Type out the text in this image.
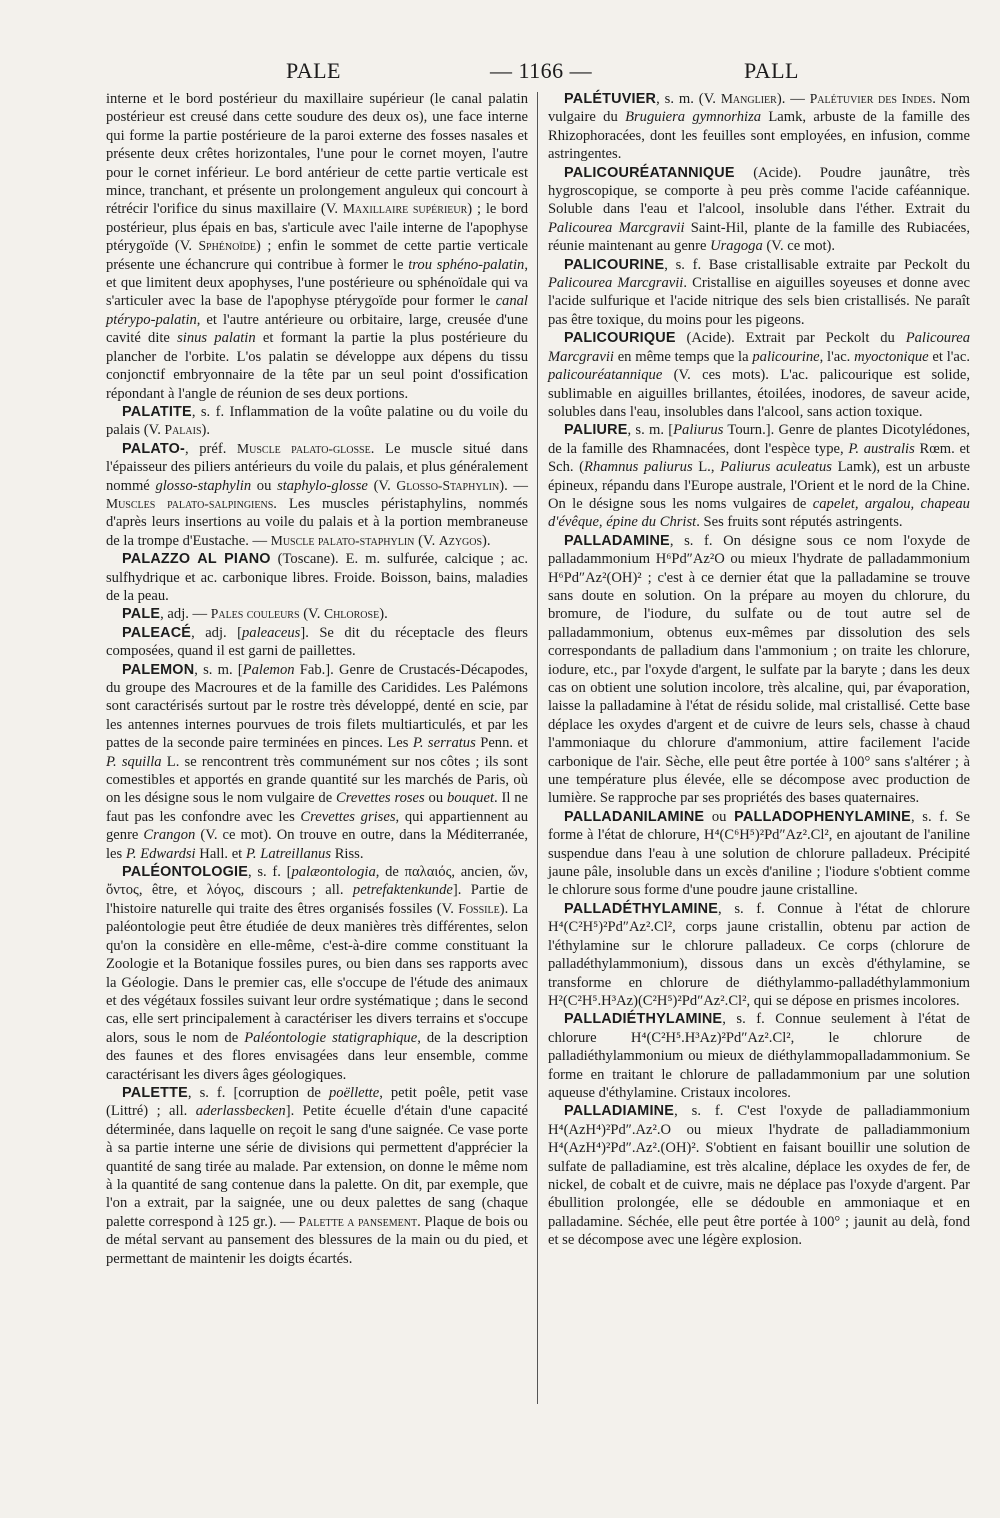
PALE	— 1166 —	PALL

interne et le bord postérieur du maxillaire supérieur (le canal palatin postérieur est creusé dans cette soudure des deux os), une face interne qui forme la partie postérieure de la paroi externe des fosses nasales et présente deux crêtes horizontales, l'une pour le cornet moyen, l'autre pour le cornet inférieur. Le bord antérieur de cette partie verticale est mince, tranchant, et présente un prolongement anguleux qui concourt à rétrécir l'orifice du sinus maxillaire (V. Maxillaire supérieur) ; le bord postérieur, plus épais en bas, s'articule avec l'aile interne de l'apophyse ptérygoïde (V. Sphénoïde) ; enfin le sommet de cette partie verticale présente une échancrure qui contribue à former le trou sphéno-palatin, et que limitent deux apophyses, l'une postérieure ou sphénoïdale qui va s'articuler avec la base de l'apophyse ptérygoïde pour former le canal ptérypo-palatin, et l'autre antérieure ou orbitaire, large, creusée d'une cavité dite sinus palatin et formant la partie la plus postérieure du plancher de l'orbite. L'os palatin se développe aux dépens du tissu conjonctif embryonnaire de la tête par un seul point d'ossification répondant à l'angle de réunion de ses deux portions.

PALATITE, s. f. Inflammation de la voûte palatine ou du voile du palais (V. Palais).

PALATO-, préf. Muscle palato-glosse. Le muscle situé dans l'épaisseur des piliers antérieurs du voile du palais, et plus généralement nommé glosso-staphylin ou staphylo-glosse (V. Glosso-Staphylin). — Muscles palato-salpingiens. Les muscles péristaphylins, nommés d'après leurs insertions au voile du palais et à la portion membraneuse de la trompe d'Eustache. — Muscle palato-staphylin (V. Azygos).

PALAZZO AL PIANO (Toscane). E. m. sulfurée, calcique ; ac. sulfhydrique et ac. carbonique libres. Froide. Boisson, bains, maladies de la peau.

PALE, adj. — Pales couleurs (V. Chlorose).

PALEACÉ, adj. [paleaceus]. Se dit du réceptacle des fleurs composées, quand il est garni de paillettes.

PALEMON, s. m. [Palemon Fab.]. Genre de Crustacés-Décapodes, du groupe des Macroures et de la famille des Caridides. Les Palémons sont caractérisés surtout par le rostre très développé, denté en scie, par les antennes internes pourvues de trois filets multiarticulés, et par les pattes de la seconde paire terminées en pinces. Les P. serratus Penn. et P. squilla L. se rencontrent très communément sur nos côtes ; ils sont comestibles et apportés en grande quantité sur les marchés de Paris, où on les désigne sous le nom vulgaire de Crevettes roses ou bouquet. Il ne faut pas les confondre avec les Crevettes grises, qui appartiennent au genre Crangon (V. ce mot). On trouve en outre, dans la Méditerranée, les P. Edwardsi Hall. et P. Latreillanus Riss.

PALÉONTOLOGIE, s. f. [palæontologia, de παλαιός, ancien, ὤν, ὄντος, être, et λόγος, discours ; all. petrefaktenkunde]. Partie de l'histoire naturelle qui traite des êtres organisés fossiles (V. Fossile). La paléontologie peut être étudiée de deux manières très différentes, selon qu'on la considère en elle-même, c'est-à-dire comme constituant la Zoologie et la Botanique fossiles pures, ou bien dans ses rapports avec la Géologie. Dans le premier cas, elle s'occupe de l'étude des animaux et des végétaux fossiles suivant leur ordre systématique ; dans le second cas, elle sert principalement à caractériser les divers terrains et s'occupe alors, sous le nom de Paléontologie statigraphique, de la description des faunes et des flores envisagées dans leur ensemble, comme caractérisant les divers âges géologiques.

PALETTE, s. f. [corruption de poëllette, petit poêle, petit vase (Littré) ; all. aderlassbecken]. Petite écuelle d'étain d'une capacité déterminée, dans laquelle on reçoit le sang d'une saignée. Ce vase porte à sa partie interne une série de divisions qui permettent d'apprécier la quantité de sang tirée au malade. Par extension, on donne le même nom à la quantité de sang contenue dans la palette. On dit, par exemple, que l'on a extrait, par la saignée, une ou deux palettes de sang (chaque palette correspond à 125 gr.). — Palette a pansement. Plaque de bois ou de métal servant au pansement des blessures de la main ou du pied, et permettant de maintenir les doigts écartés.

PALÉTUVIER, s. m. (V. Manglier). — Palétuvier des Indes. Nom vulgaire du Bruguiera gymnorhiza Lamk, arbuste de la famille des Rhizophoracées, dont les feuilles sont employées, en infusion, comme astringentes.

PALICOURÉATANNIQUE (Acide). Poudre jaunâtre, très hygroscopique, se comporte à peu près comme l'acide caféannique. Soluble dans l'eau et l'alcool, insoluble dans l'éther. Extrait du Palicourea Marcgravii Saint-Hil, plante de la famille des Rubiacées, réunie maintenant au genre Uragoga (V. ce mot).

PALICOURINE, s. f. Base cristallisable extraite par Peckolt du Palicourea Marcgravii. Cristallise en aiguilles soyeuses et donne avec l'acide sulfurique et l'acide nitrique des sels bien cristallisés. Ne paraît pas être toxique, du moins pour les pigeons.

PALICOURIQUE (Acide). Extrait par Peckolt du Palicourea Marcgravii en même temps que la palicourine, l'ac. myoctonique et l'ac. palicouréatannique (V. ces mots). L'ac. palicourique est solide, sublimable en aiguilles brillantes, étoilées, inodores, de saveur acide, solubles dans l'eau, insolubles dans l'alcool, sans action toxique.

PALIURE, s. m. [Paliurus Tourn.]. Genre de plantes Dicotylédones, de la famille des Rhamnacées, dont l'espèce type, P. australis Rœm. et Sch. (Rhamnus paliurus L., Paliurus aculeatus Lamk), est un arbuste épineux, répandu dans l'Europe australe, l'Orient et le nord de la Chine. On le désigne sous les noms vulgaires de capelet, argalou, chapeau d'évêque, épine du Christ. Ses fruits sont réputés astringents.

PALLADAMINE, s. f. On désigne sous ce nom l'oxyde de palladammonium H⁶Pd″Az²O ou mieux l'hydrate de palladammonium H⁶Pd″Az²(OH)² ; c'est à ce dernier état que la palladamine se trouve sans doute en solution. On la prépare au moyen du chlorure, du bromure, de l'iodure, du sulfate ou de tout autre sel de palladammonium, obtenus eux-mêmes par dissolution des sels correspondants de palladium dans l'ammonium ; on traite les chlorure, iodure, etc., par l'oxyde d'argent, le sulfate par la baryte ; dans les deux cas on obtient une solution incolore, très alcaline, qui, par évaporation, laisse la palladamine à l'état de résidu solide, mal cristallisé. Cette base déplace les oxydes d'argent et de cuivre de leurs sels, chasse à chaud l'ammoniaque du chlorure d'ammonium, attire facilement l'acide carbonique de l'air. Sèche, elle peut être portée à 100° sans s'altérer ; à une température plus élevée, elle se décompose avec production de lumière. Se rapproche par ses propriétés des bases quaternaires.

PALLADANILAMINE ou PALLADOPHENYLAMINE, s. f. Se forme à l'état de chlorure, H⁴(C⁶H⁵)²Pd″Az².Cl², en ajoutant de l'aniline suspendue dans l'eau à une solution de chlorure palladeux. Précipité jaune pâle, insoluble dans un excès d'aniline ; l'iodure s'obtient comme le chlorure sous forme d'une poudre jaune cristalline.

PALLADÉTHYLAMINE, s. f. Connue à l'état de chlorure H⁴(C²H⁵)²Pd″Az².Cl², corps jaune cristallin, obtenu par action de l'éthylamine sur le chlorure palladeux. Ce corps (chlorure de palladéthylammonium), dissous dans un excès d'éthylamine, se transforme en chlorure de diéthylammo-palladéthylammonium H²(C²H⁵.H³Az)(C²H⁵)²Pd″Az².Cl², qui se dépose en prismes incolores.

PALLADIÉTHYLAMINE, s. f. Connue seulement à l'état de chlorure H⁴(C²H⁵.H³Az)²Pd″Az².Cl², le chlorure de palladiéthylammonium ou mieux de diéthylammopalladammonium. Se forme en traitant le chlorure de palladammonium par une solution aqueuse d'éthylamine. Cristaux incolores.

PALLADIAMINE, s. f. C'est l'oxyde de palladiammonium H⁴(AzH⁴)²Pd″.Az².O ou mieux l'hydrate de palladiammonium H⁴(AzH⁴)²Pd″.Az².(OH)². S'obtient en faisant bouillir une solution de sulfate de palladiamine, est très alcaline, déplace les oxydes de fer, de nickel, de cobalt et de cuivre, mais ne déplace pas l'oxyde d'argent. Par ébullition prolongée, elle se dédouble en ammoniaque et en palladamine. Séchée, elle peut être portée à 100° ; jaunit au delà, fond et se décompose avec une légère explosion.
